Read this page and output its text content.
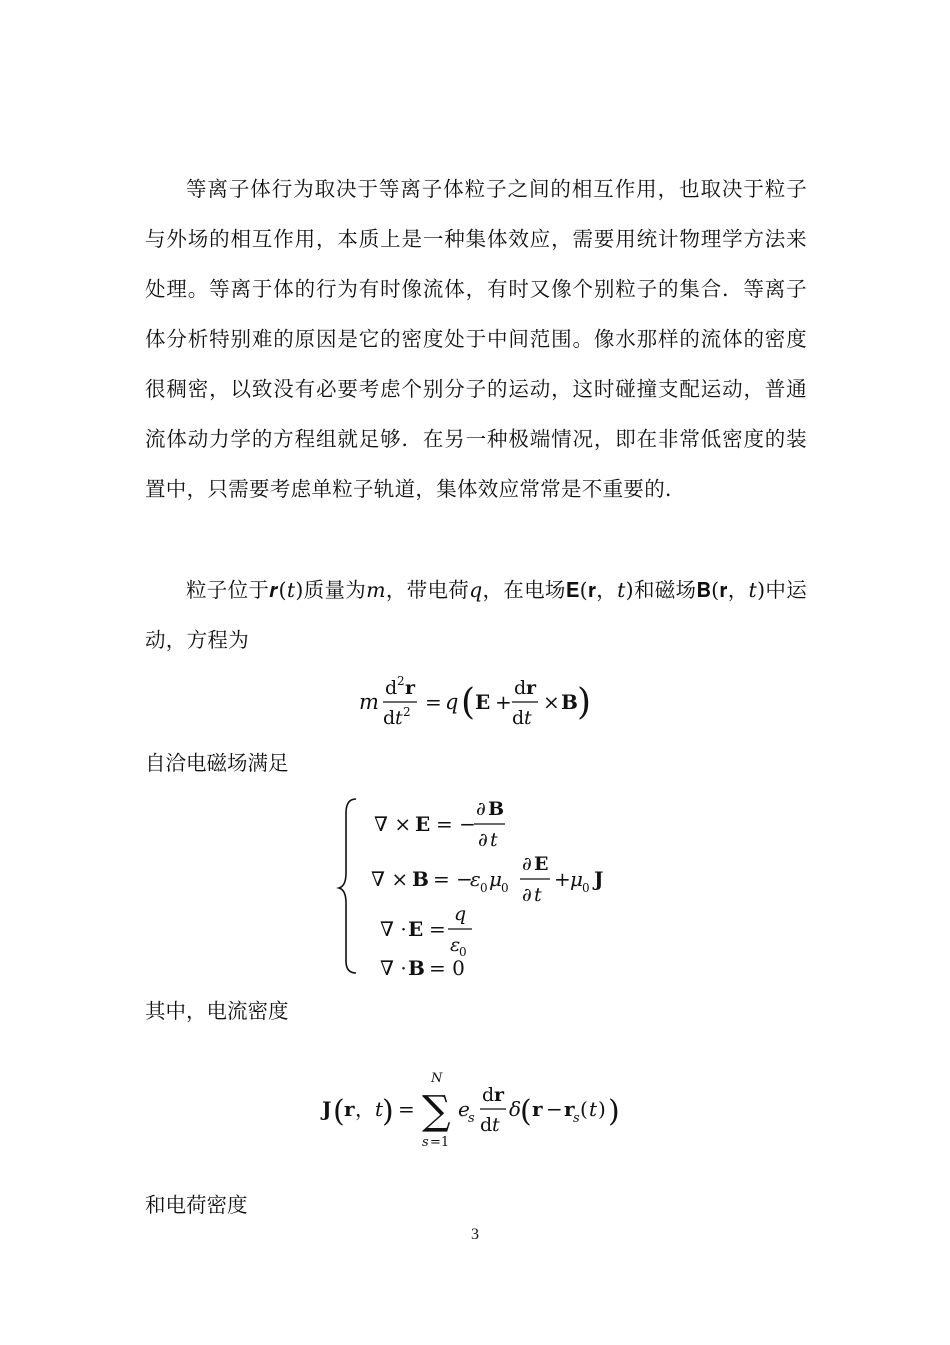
等离子体行为取决于等离子体粒子之间的相互作用，也取决于粒子与外场的相互作用，本质上是一种集体效应，需要用统计物理学方法来处理。等离于体的行为有时像流体，有时又像个别粒子的集合．等离子体分析特别难的原因是它的密度处于中间范围。像水那样的流体的密度很稠密，以致没有必要考虑个别分子的运动，这时碰撞支配运动，普通流体动力学的方程组就足够．在另一种极端情况，即在非常低密度的装置中，只需要考虑单粒子轨道，集体效应常常是不重要的．

粒子位于𝒓(𝑡)质量为𝑚，带电荷𝑞，在电场𝐄(𝐫，𝑡)和磁场𝐁(𝐫，𝑡)中运动，方程为

m
d 2 r
d t 2 = q ( E +
d r
d t
× B )

自洽电磁场满足

∇ × E = −
∂ B
∂ t
∇ × B = −
ε 0 μ 0
∂ E
∂ t
+ μ 0 J
∇ · E =
q
ε
0
∇ · B = 0

其中，电流密度

J ( r ， t
) =
N
∑
s =1
e
s
d r
d t
δ
( r − r
s ( t ) )

和电荷密度

3
